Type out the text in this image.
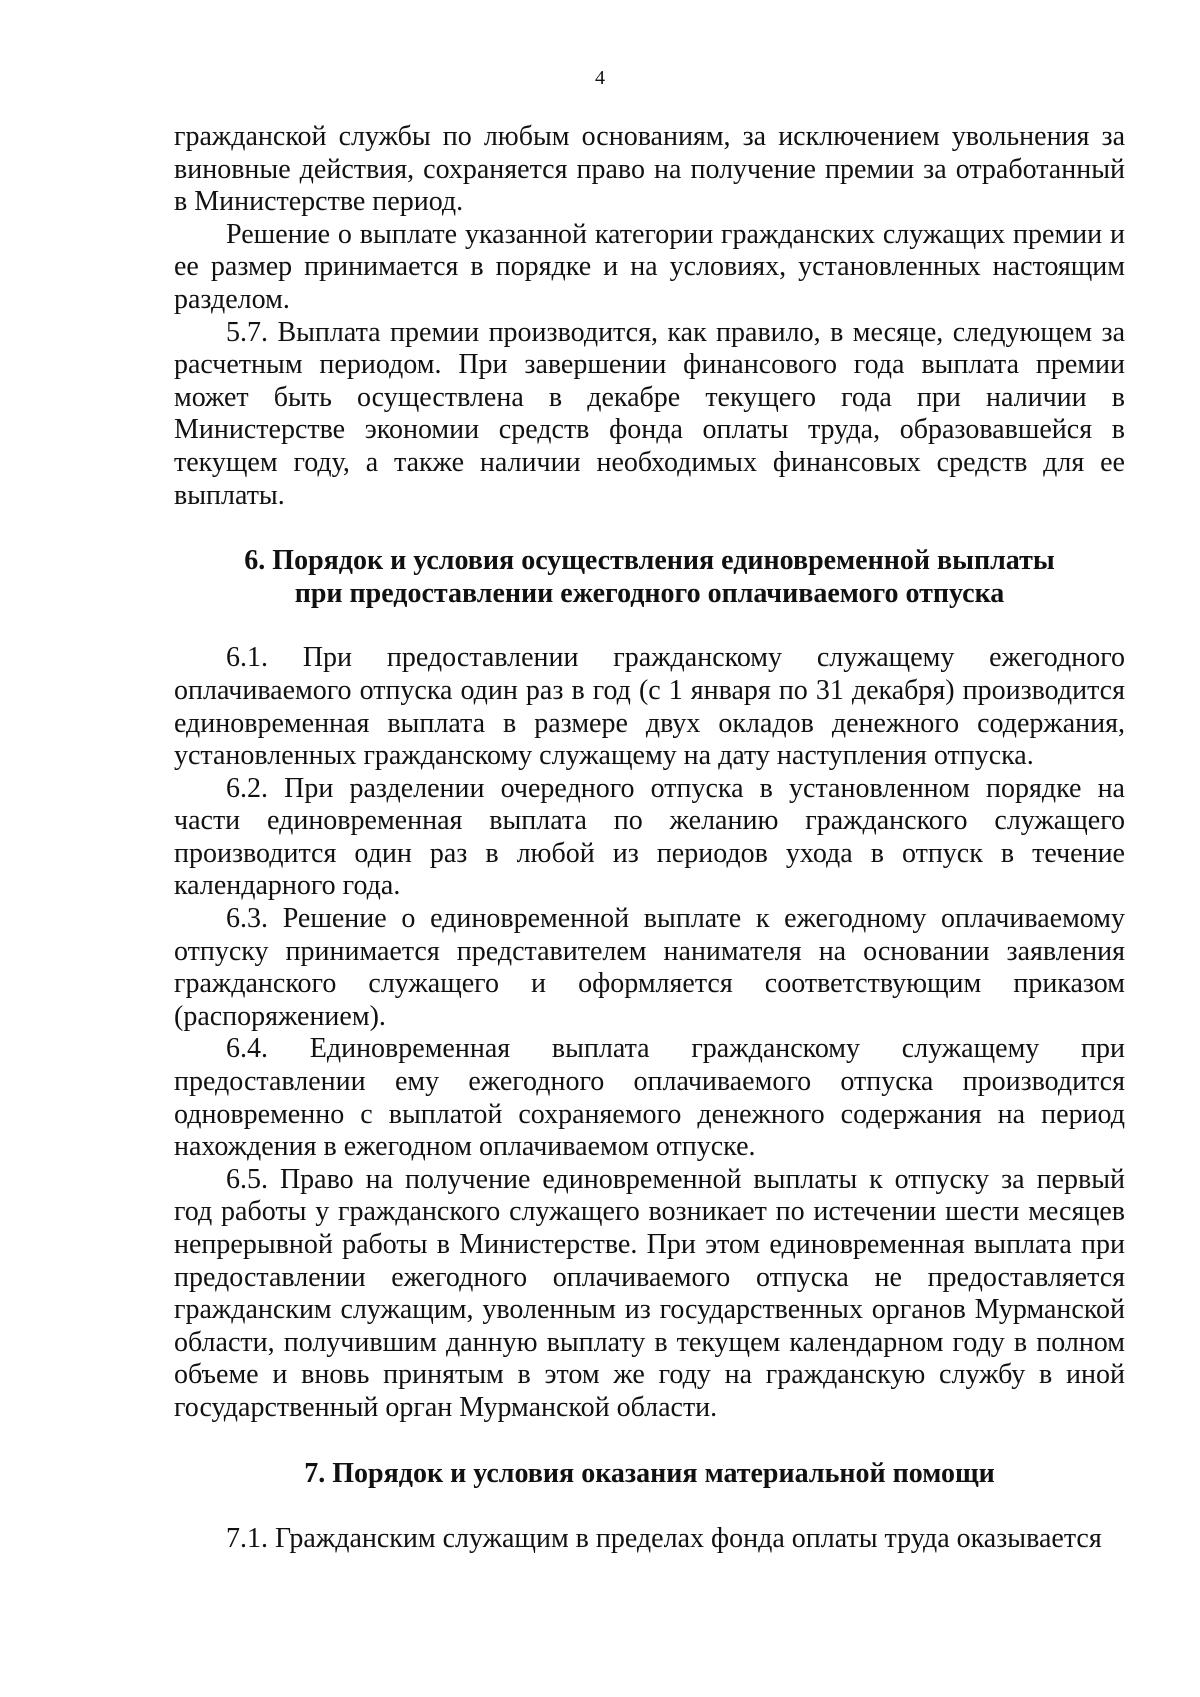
4

гражданской службы по любым основаниям, за исключением увольнения за виновные действия, сохраняется право на получение премии за отработанный в Министерстве период.

Решение о выплате указанной категории гражданских служащих премии и ее размер принимается в порядке и на условиях, установленных настоящим разделом.

5.7. Выплата премии производится, как правило, в месяце, следующем за расчетным периодом. При завершении финансового года выплата премии может быть осуществлена в декабре текущего года при наличии в Министерстве экономии средств фонда оплаты труда, образовавшейся в текущем году, а также наличии необходимых финансовых средств для ее выплаты.

6. Порядок и условия осуществления единовременной выплаты
при предоставлении ежегодного оплачиваемого отпуска

6.1. При предоставлении гражданскому служащему ежегодного оплачиваемого отпуска один раз в год (с 1 января по 31 декабря) производится единовременная выплата в размере двух окладов денежного содержания, установленных гражданскому служащему на дату наступления отпуска.

6.2. При разделении очередного отпуска в установленном порядке на части единовременная выплата по желанию гражданского служащего производится один раз в любой из периодов ухода в отпуск в течение календарного года.

6.3. Решение о единовременной выплате к ежегодному оплачиваемому отпуску принимается представителем нанимателя на основании заявления гражданского служащего и оформляется соответствующим приказом (распоряжением).

6.4. Единовременная выплата гражданскому служащему при предоставлении ему ежегодного оплачиваемого отпуска производится одновременно с выплатой сохраняемого денежного содержания на период нахождения в ежегодном оплачиваемом отпуске.

6.5. Право на получение единовременной выплаты к отпуску за первый год работы у гражданского служащего возникает по истечении шести месяцев непрерывной работы в Министерстве. При этом единовременная выплата при предоставлении ежегодного оплачиваемого отпуска не предоставляется гражданским служащим, уволенным из государственных органов Мурманской области, получившим данную выплату в текущем календарном году в полном объеме и вновь принятым в этом же году на гражданскую службу в иной государственный орган Мурманской области.

7. Порядок и условия оказания материальной помощи

7.1. Гражданским служащим в пределах фонда оплаты труда оказывается
